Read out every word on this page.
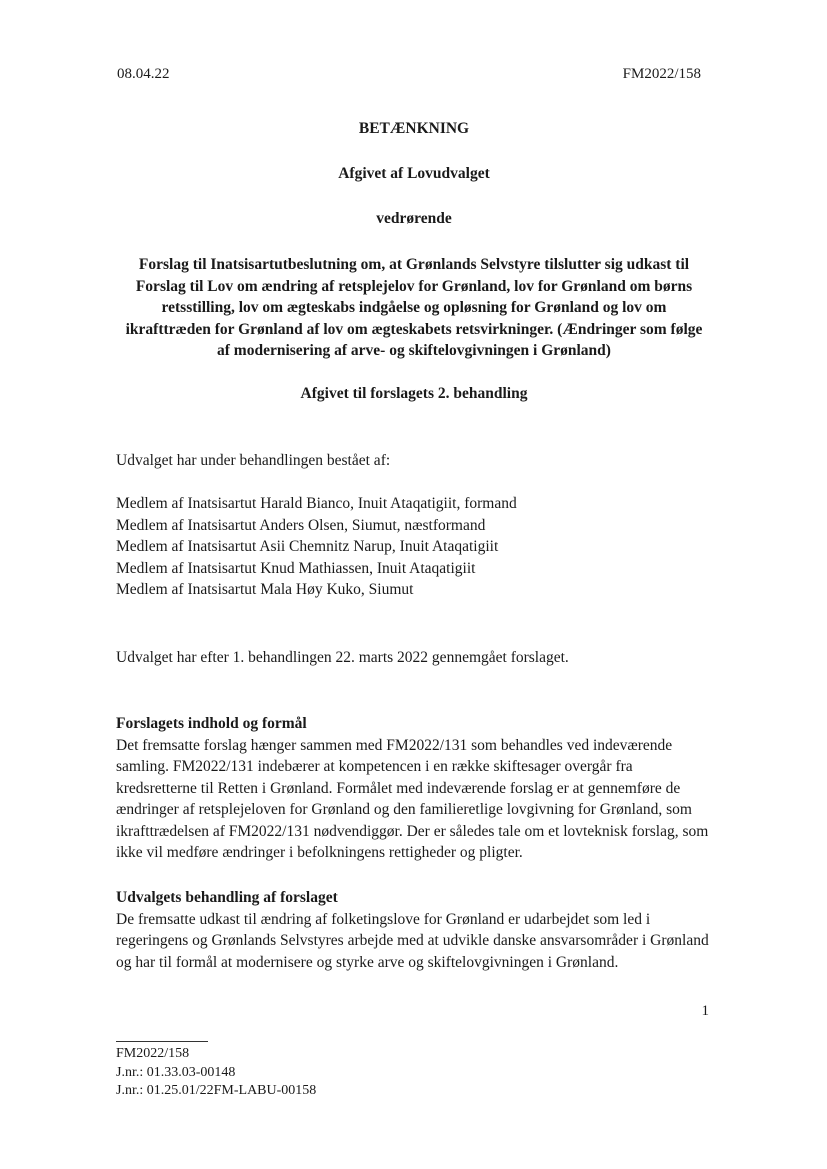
08.04.22	FM2022/158
BETÆNKNING
Afgivet af Lovudvalget
vedrørende
Forslag til Inatsisartutbeslutning om, at Grønlands Selvstyre tilslutter sig udkast til
Forslag til Lov om ændring af retsplejelov for Grønland, lov for Grønland om børns
retsstilling, lov om ægteskabs indgåelse og opløsning for Grønland og lov om
ikrafttræden for Grønland af lov om ægteskabets retsvirkninger. (Ændringer som følge
af modernisering af arve- og skiftelovgivningen i Grønland)
Afgivet til forslagets 2. behandling
Udvalget har under behandlingen bestået af:
Medlem af Inatsisartut Harald Bianco, Inuit Ataqatigiit, formand
Medlem af Inatsisartut Anders Olsen, Siumut, næstformand
Medlem af Inatsisartut Asii Chemnitz Narup, Inuit Ataqatigiit
Medlem af Inatsisartut Knud Mathiassen, Inuit Ataqatigiit
Medlem af Inatsisartut Mala Høy Kuko, Siumut
Udvalget har efter 1. behandlingen 22. marts 2022 gennemgået forslaget.
Forslagets indhold og formål
Det fremsatte forslag hænger sammen med FM2022/131 som behandles ved indeværende
samling. FM2022/131 indebærer at kompetencen i en række skiftesager overgår fra
kredsretterne til Retten i Grønland. Formålet med indeværende forslag er at gennemføre de
ændringer af retsplejeloven for Grønland og den familieretlige lovgivning for Grønland, som
ikrafttrædelsen af FM2022/131 nødvendiggør. Der er således tale om et lovteknisk forslag, som
ikke vil medføre ændringer i befolkningens rettigheder og pligter.
Udvalgets behandling af forslaget
De fremsatte udkast til ændring af folketingslove for Grønland er udarbejdet som led i
regeringens og Grønlands Selvstyres arbejde med at udvikle danske ansvarsområder i Grønland
og har til formål at modernisere og styrke arve og skiftelovgivningen i Grønland.
1
FM2022/158
J.nr.: 01.33.03-00148
J.nr.: 01.25.01/22FM-LABU-00158
